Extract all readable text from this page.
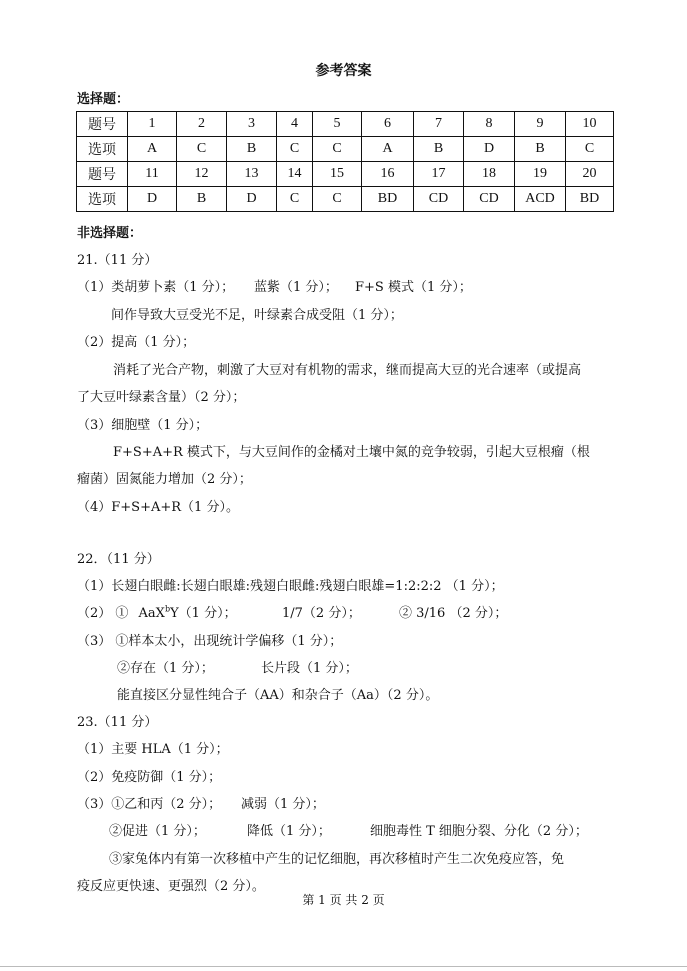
参考答案
选择题：
题号	1	2	3	4	5	6	7	8	9	10
选项	A	C	B	C	C	A	B	D	B	C
题号	11	12	13	14	15	16	17	18	19	20
选项	D	B	D	C	C	BD	CD	CD	ACD	BD
非选择题：
21.（11 分）
（1）类胡萝卜素（1 分）； 蓝紫（1 分）； F+S 模式（1 分）；
间作导致大豆受光不足，叶绿素合成受阻（1 分）；
（2）提高（1 分）；
消耗了光合产物，刺激了大豆对有机物的需求，继而提高大豆的光合速率（或提高
了大豆叶绿素含量）（2 分）；
（3）细胞壁（1 分）；
F+S+A+R 模式下，与大豆间作的金橘对土壤中氮的竞争较弱，引起大豆根瘤（根
瘤菌）固氮能力增加（2 分）；
（4）F+S+A+R（1 分）。
22．（11 分）
（1）长翅白眼雌:长翅白眼雄:残翅白眼雌:残翅白眼雄=1:2:2:2 （1 分）；
（2） ① AaX$^b$Y（1 分）；	1/7（2 分）；	② 3/16 （2 分）；
（3） ①样本太小，出现统计学偏移（1 分）；
②存在（1 分）；	长片段（1 分）；
能直接区分显性纯合子（AA）和杂合子（Aa）（2 分）。
23.（11 分）
（1）主要 HLA（1 分）；
（2）免疫防御（1 分）；
（3）①乙和丙（2 分）； 减弱（1 分）；
②促进（1 分）；	降低（1 分）；	细胞毒性 T 细胞分裂、分化（2 分）；
③家兔体内有第一次移植中产生的记忆细胞，再次移植时产生二次免疫应答，免
疫反应更快速、更强烈（2 分）。
第 1 页 共 2 页
